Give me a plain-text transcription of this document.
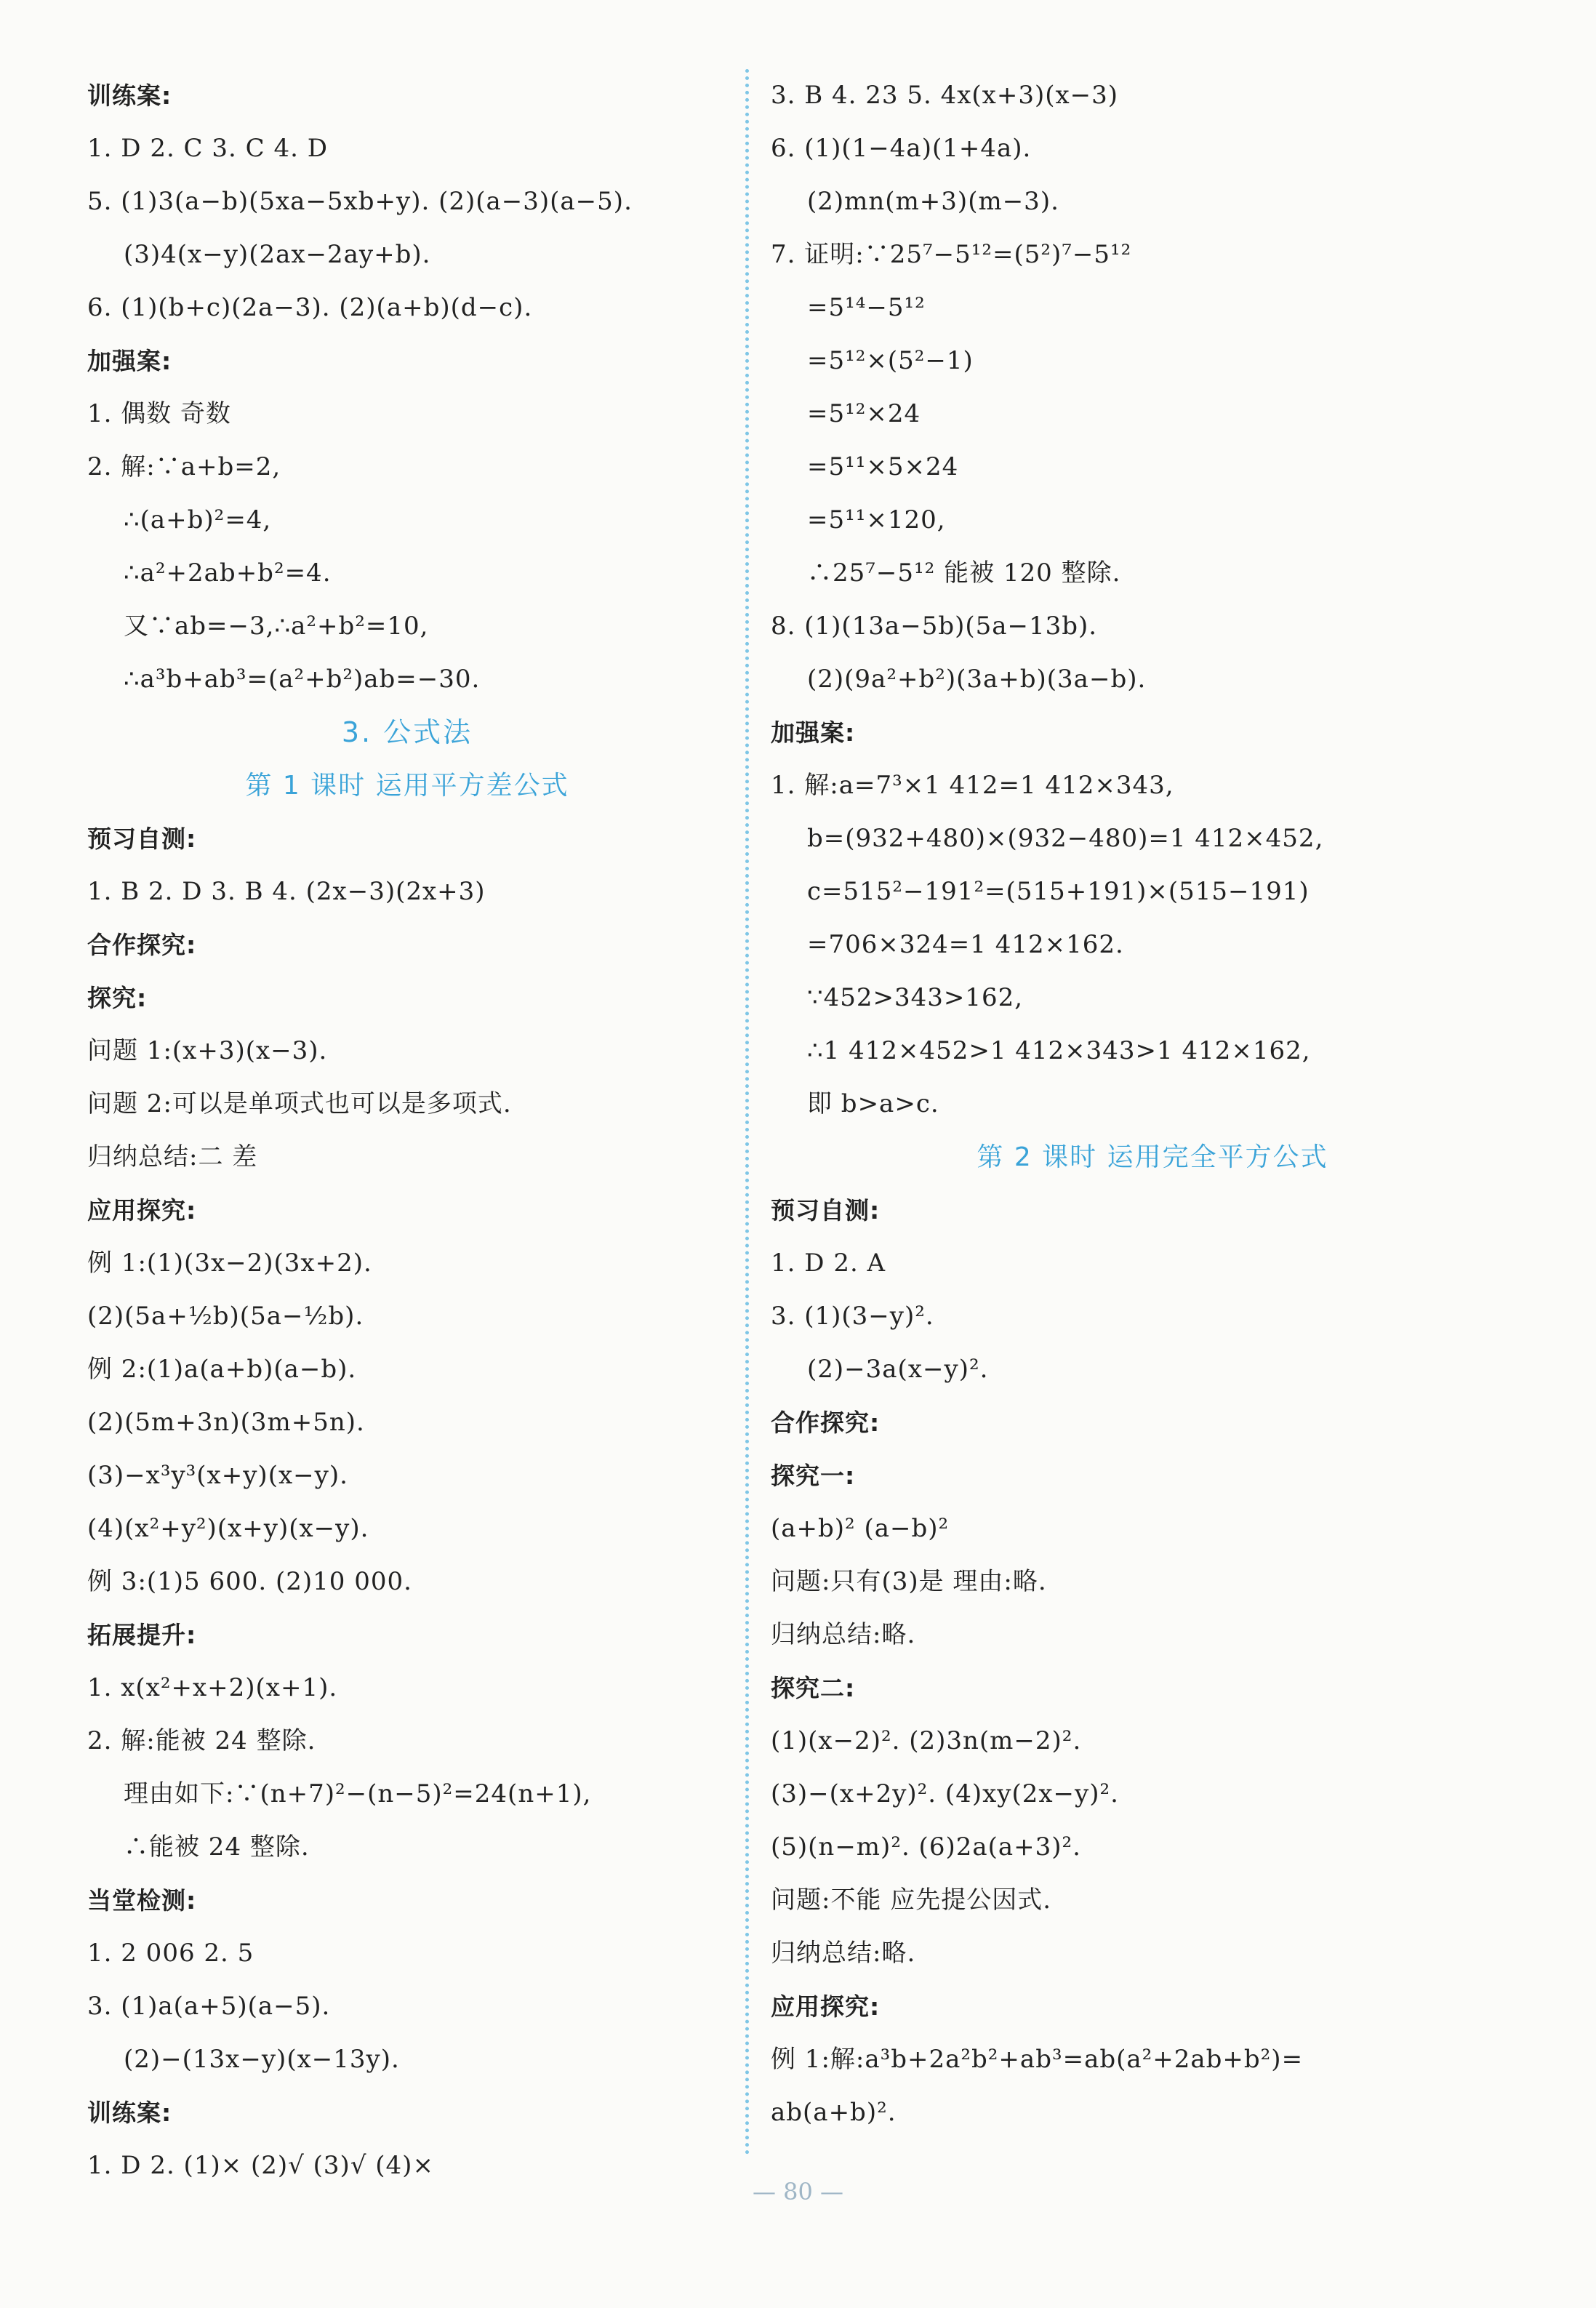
训练案:
1. D 2. C 3. C 4. D
5. (1)3(a−b)(5xa−5xb+y). (2)(a−3)(a−5).
(3)4(x−y)(2ax−2ay+b).
6. (1)(b+c)(2a−3). (2)(a+b)(d−c).
加强案:
1. 偶数 奇数
2. 解:∵a+b=2,
∴(a+b)²=4,
∴a²+2ab+b²=4.
又∵ab=−3,∴a²+b²=10,
∴a³b+ab³=(a²+b²)ab=−30.
3. 公式法
第 1 课时 运用平方差公式
预习自测:
1. B 2. D 3. B 4. (2x−3)(2x+3)
合作探究:
探究:
问题 1:(x+3)(x−3).
问题 2:可以是单项式也可以是多项式.
归纳总结:二 差
应用探究:
例 1:(1)(3x−2)(3x+2).
(2)(5a+½b)(5a−½b).
例 2:(1)a(a+b)(a−b).
(2)(5m+3n)(3m+5n).
(3)−x³y³(x+y)(x−y).
(4)(x²+y²)(x+y)(x−y).
例 3:(1)5 600. (2)10 000.
拓展提升:
1. x(x²+x+2)(x+1).
2. 解:能被 24 整除.
理由如下:∵(n+7)²−(n−5)²=24(n+1),
∴能被 24 整除.
当堂检测:
1. 2 006 2. 5
3. (1)a(a+5)(a−5).
(2)−(13x−y)(x−13y).
训练案:
1. D 2. (1)× (2)√ (3)√ (4)×
3. B 4. 23 5. 4x(x+3)(x−3)
6. (1)(1−4a)(1+4a).
(2)mn(m+3)(m−3).
7. 证明:∵25⁷−5¹²=(5²)⁷−5¹²
=5¹⁴−5¹²
=5¹²×(5²−1)
=5¹²×24
=5¹¹×5×24
=5¹¹×120,
∴25⁷−5¹² 能被 120 整除.
8. (1)(13a−5b)(5a−13b).
(2)(9a²+b²)(3a+b)(3a−b).
加强案:
1. 解:a=7³×1 412=1 412×343,
b=(932+480)×(932−480)=1 412×452,
c=515²−191²=(515+191)×(515−191)
=706×324=1 412×162.
∵452>343>162,
∴1 412×452>1 412×343>1 412×162,
即 b>a>c.
第 2 课时 运用完全平方公式
预习自测:
1. D 2. A
3. (1)(3−y)².
(2)−3a(x−y)².
合作探究:
探究一:
(a+b)² (a−b)²
问题:只有(3)是 理由:略.
归纳总结:略.
探究二:
(1)(x−2)². (2)3n(m−2)².
(3)−(x+2y)². (4)xy(2x−y)².
(5)(n−m)². (6)2a(a+3)².
问题:不能 应先提公因式.
归纳总结:略.
应用探究:
例 1:解:a³b+2a²b²+ab³=ab(a²+2ab+b²)=
ab(a+b)².
— 80 —
